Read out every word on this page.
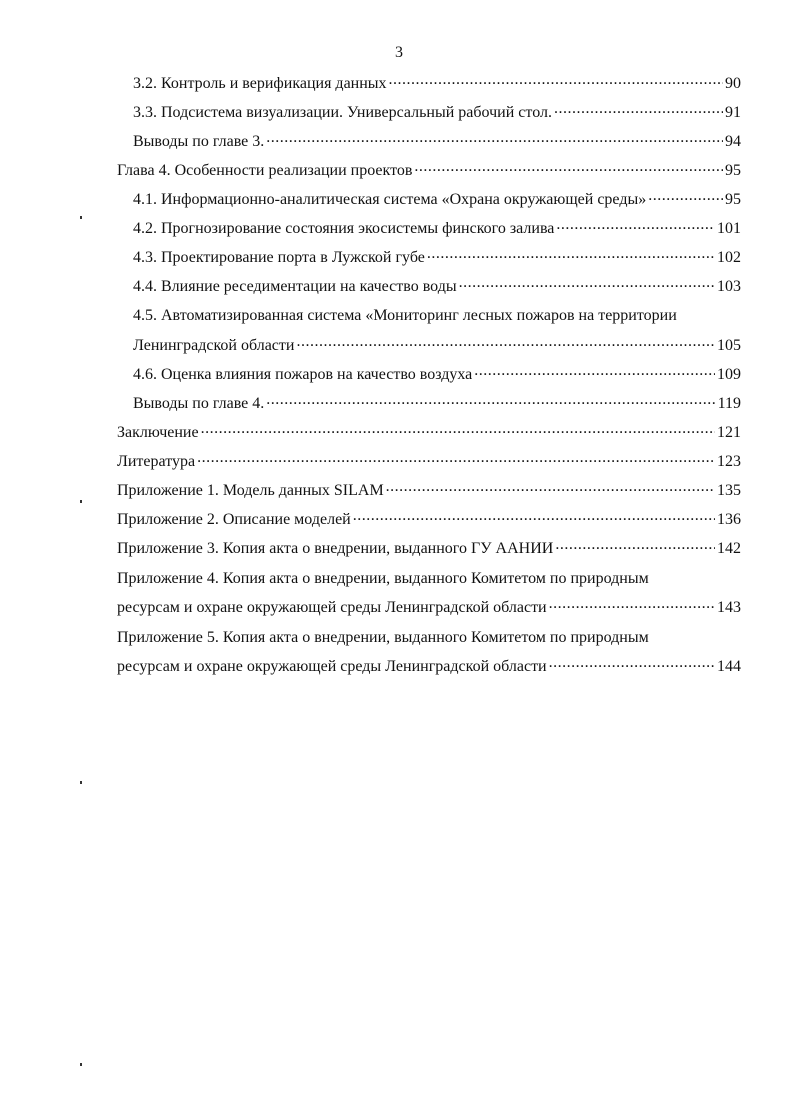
3
3.2. Контроль и верификация данных .....	90
3.3. Подсистема визуализации. Универсальный рабочий стол. .....	91
Выводы по главе 3. .....	94
Глава 4. Особенности реализации проектов .....	95
4.1. Информационно-аналитическая система «Охрана окружающей среды» .....	95
4.2. Прогнозирование состояния экосистемы финского залива .....	101
4.3. Проектирование порта в Лужской губе .....	102
4.4. Влияние реседиментации на качество воды .....	103
4.5. Автоматизированная система «Мониторинг лесных пожаров на территории
Ленинградской области .....	105
4.6. Оценка влияния пожаров на качество воздуха .....	109
Выводы по главе 4. .....	119
Заключение .....	121
Литература .....	123
Приложение 1. Модель данных SILAM .....	135
Приложение 2. Описание моделей .....	136
Приложение 3. Копия акта о внедрении, выданного ГУ ААНИИ .....	142
Приложение 4. Копия акта о внедрении, выданного Комитетом по природным
ресурсам и охране окружающей среды Ленинградской области .....	143
Приложение 5. Копия акта о внедрении, выданного Комитетом по природным
ресурсам и охране окружающей среды Ленинградской области .....	144
